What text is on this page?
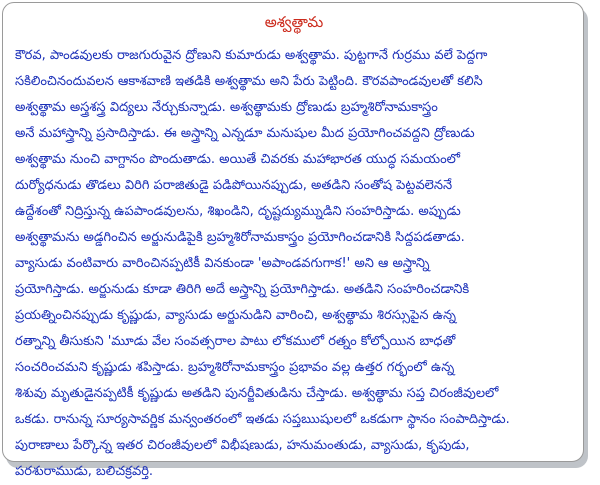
అశ్వత్థామ
కౌరవ, పాండవులకు రాజగురువైన ద్రోణుని కుమారుడు అశ్వత్థామ. పుట్టగానే గుర్రము వలే పెద్దగా
సకిలించినందువలన ఆకాశవాణి ఇతడికి అశ్వత్థామ అని పేరు పెట్టింది. కౌరవపాండవులతో కలిసి
అశ్వత్థామ అస్త్రశస్త్ర విద్యలు నేర్చుకున్నాడు. అశ్వత్థామకు ద్రోణుడు బ్రహ్మశిరోనామకాస్త్రం
అనే మహాస్త్రాన్ని ప్రసాదిస్తాడు. ఈ అస్త్రాన్ని ఎన్నడూ మనుషుల మీద ప్రయోగించవద్దని ద్రోణుడు
అశ్వత్థామ నుంచి వాగ్దానం పొందుతాడు. అయితే చివరకు మహాభారత యుద్ధ సమయంలో
దుర్యోధనుడు తొడలు విరిగి పరాజితుడై పడిపోయినప్పుడు, అతడిని సంతోష పెట్టవలెననే
ఉద్దేశంతో నిద్రిస్తున్న ఉపపాండవులను, శిఖండిని, దృష్టద్యుమ్నుడిని సంహరిస్తాడు. అప్పుడు
అశ్వత్థామను అడ్డగించిన అర్జునుడిపైకి బ్రహ్మశిరోనామకాస్త్రం ప్రయోగించడానికి సిద్దపడతాడు.
వ్యాసుడు వంటివారు వారించినప్పటికీ వినకుండా 'అపాండవగుగాక!' అని ఆ అస్త్రాన్ని
ప్రయోగిస్తాడు. అర్జునుడు కూడా తిరిగి అదే అస్త్రాన్ని ప్రయోగిస్తాడు. అతడిని సంహరించడానికి
ప్రయత్నించినప్పుడు కృష్ణుడు, వ్యాసుడు అర్జునుడిని వారించి, అశ్వత్థామ శిరస్సుపైన ఉన్న
రత్నాన్ని తీసుకుని 'మూడు వేల సంవత్సరాల పాటు లోకములో రత్నం కోల్పోయిన బాధతో
సంచరించమని కృష్ణుడు శపిస్తాడు. బ్రహ్మశిరోనామకాస్త్రం ప్రభావం వల్ల ఉత్తర గర్భంలో ఉన్న
శిశువు మృతుడైనప్పటికీ కృష్ణుడు అతడిని పునర్జీవితుడిను చేస్తాడు. అశ్వత్థామ సప్త చిరంజీవులలో
ఒకడు. రానున్న సూర్యసావర్ణిక మన్వంతరంలో ఇతడు సప్తఋషులలో ఒకడుగా స్థానం సంపాదిస్తాడు.
పురాణాలు పేర్కొన్న ఇతర చిరంజీవులలో విభీషణుడు, హనుమంతుడు, వ్యాసుడు, కృపుడు,
పరశురాముడు, బలిచక్రవర్తి.
